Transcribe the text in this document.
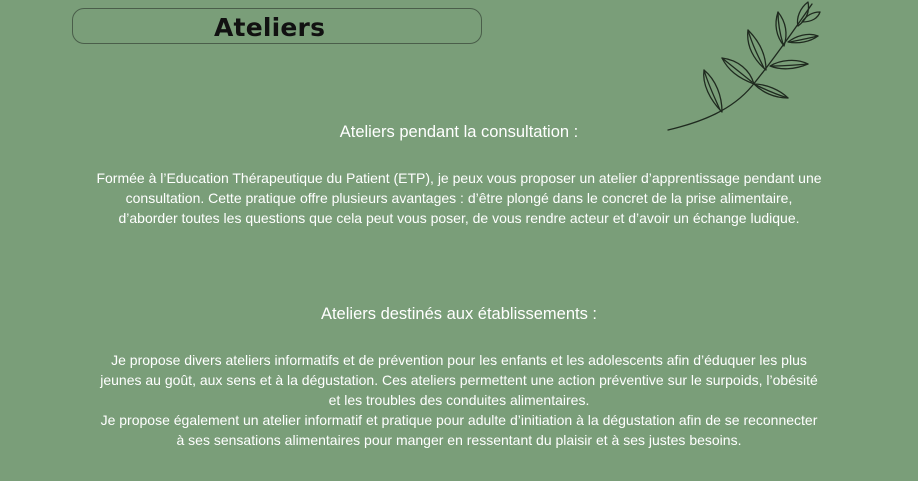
Ateliers
Ateliers pendant la consultation :
Formée à l’Education Thérapeutique du Patient (ETP), je peux vous proposer un atelier d’apprentissage pendant une
consultation. Cette pratique offre plusieurs avantages : d’être plongé dans le concret de la prise alimentaire,
d’aborder toutes les questions que cela peut vous poser, de vous rendre acteur et d’avoir un échange ludique.
Ateliers destinés aux établissements :
Je propose divers ateliers informatifs et de prévention pour les enfants et les adolescents afin d’éduquer les plus
jeunes au goût, aux sens et à la dégustation. Ces ateliers permettent une action préventive sur le surpoids, l’obésité
et les troubles des conduites alimentaires.
Je propose également un atelier informatif et pratique pour adulte d’initiation à la dégustation afin de se reconnecter
à ses sensations alimentaires pour manger en ressentant du plaisir et à ses justes besoins.
